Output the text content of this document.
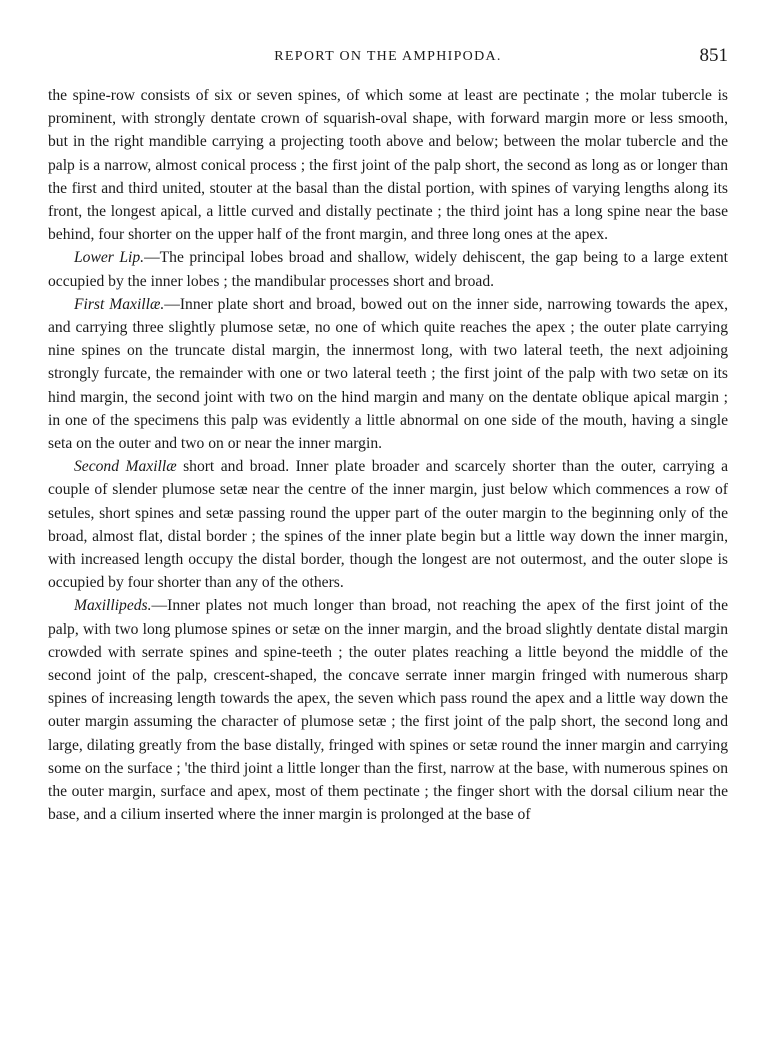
REPORT ON THE AMPHIPODA.	851

the spine-row consists of six or seven spines, of which some at least are pectinate ; the molar tubercle is prominent, with strongly dentate crown of squarish-oval shape, with forward margin more or less smooth, but in the right mandible carrying a projecting tooth above and below; between the molar tubercle and the palp is a narrow, almost conical process ; the first joint of the palp short, the second as long as or longer than the first and third united, stouter at the basal than the distal portion, with spines of varying lengths along its front, the longest apical, a little curved and distally pectinate ; the third joint has a long spine near the base behind, four shorter on the upper half of the front margin, and three long ones at the apex.

Lower Lip.—The principal lobes broad and shallow, widely dehiscent, the gap being to a large extent occupied by the inner lobes ; the mandibular processes short and broad.

First Maxillæ.—Inner plate short and broad, bowed out on the inner side, narrowing towards the apex, and carrying three slightly plumose setæ, no one of which quite reaches the apex ; the outer plate carrying nine spines on the truncate distal margin, the innermost long, with two lateral teeth, the next adjoining strongly furcate, the remainder with one or two lateral teeth ; the first joint of the palp with two setæ on its hind margin, the second joint with two on the hind margin and many on the dentate oblique apical margin ; in one of the specimens this palp was evidently a little abnormal on one side of the mouth, having a single seta on the outer and two on or near the inner margin.

Second Maxillæ short and broad. Inner plate broader and scarcely shorter than the outer, carrying a couple of slender plumose setæ near the centre of the inner margin, just below which commences a row of setules, short spines and setæ passing round the upper part of the outer margin to the beginning only of the broad, almost flat, distal border ; the spines of the inner plate begin but a little way down the inner margin, with increased length occupy the distal border, though the longest are not outermost, and the outer slope is occupied by four shorter than any of the others.

Maxillipeds.—Inner plates not much longer than broad, not reaching the apex of the first joint of the palp, with two long plumose spines or setæ on the inner margin, and the broad slightly dentate distal margin crowded with serrate spines and spine-teeth ; the outer plates reaching a little beyond the middle of the second joint of the palp, crescent-shaped, the concave serrate inner margin fringed with numerous sharp spines of increasing length towards the apex, the seven which pass round the apex and a little way down the outer margin assuming the character of plumose setæ ; the first joint of the palp short, the second long and large, dilating greatly from the base distally, fringed with spines or setæ round the inner margin and carrying some on the surface ; 'the third joint a little longer than the first, narrow at the base, with numerous spines on the outer margin, surface and apex, most of them pectinate ; the finger short with the dorsal cilium near the base, and a cilium inserted where the inner margin is prolonged at the base of
